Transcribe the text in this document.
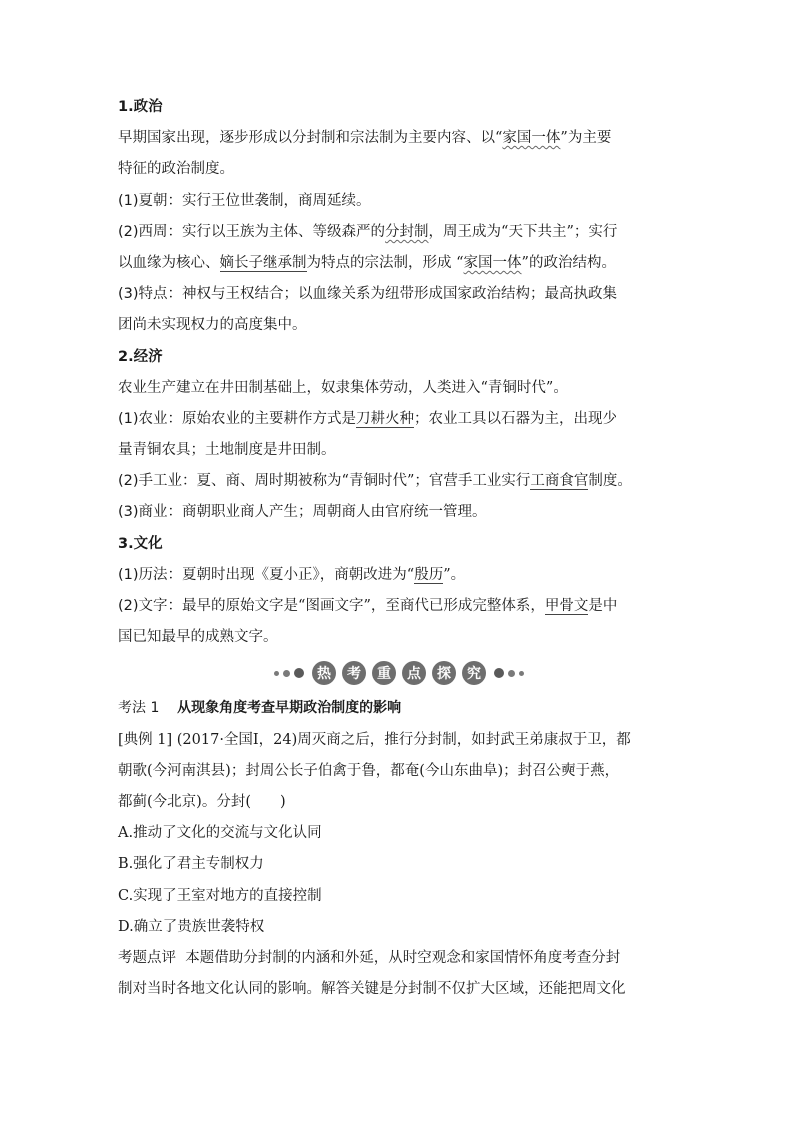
1.政治
早期国家出现，逐步形成以分封制和宗法制为主要内容、以“家国一体”为主要
特征的政治制度。
(1)夏朝：实行王位世袭制，商周延续。
(2)西周：实行以王族为主体、等级森严的分封制，周王成为“天下共主”；实行
以血缘为核心、嫡长子继承制为特点的宗法制，形成 “家国一体”的政治结构。
(3)特点：神权与王权结合；以血缘关系为纽带形成国家政治结构；最高执政集
团尚未实现权力的高度集中。
2.经济
农业生产建立在井田制基础上，奴隶集体劳动，人类进入“青铜时代”。
(1)农业：原始农业的主要耕作方式是刀耕火种；农业工具以石器为主，出现少
量青铜农具；土地制度是井田制。
(2)手工业：夏、商、周时期被称为“青铜时代”；官营手工业实行工商食官制度。
(3)商业：商朝职业商人产生；周朝商人由官府统一管理。
3.文化
(1)历法：夏朝时出现《夏小正》，商朝改进为“殷历”。
(2)文字：最早的原始文字是“图画文字”，至商代已形成完整体系，甲骨文是中
国已知最早的成熟文字。
热	考	重	点	探	究
考法 1 从现象角度考查早期政治制度的影响
[典例 1] (2017·全国Ⅰ，24)周灭商之后，推行分封制，如封武王弟康叔于卫，都
朝歌(今河南淇县)；封周公长子伯禽于鲁，都奄(今山东曲阜)；封召公奭于燕，
都蓟(今北京)。分封(　　)
A.推动了文化的交流与文化认同
B.强化了君主专制权力
C.实现了王室对地方的直接控制
D.确立了贵族世袭特权
考题点评 本题借助分封制的内涵和外延，从时空观念和家国情怀角度考查分封
制对当时各地文化认同的影响。解答关键是分封制不仅扩大区域，还能把周文化
